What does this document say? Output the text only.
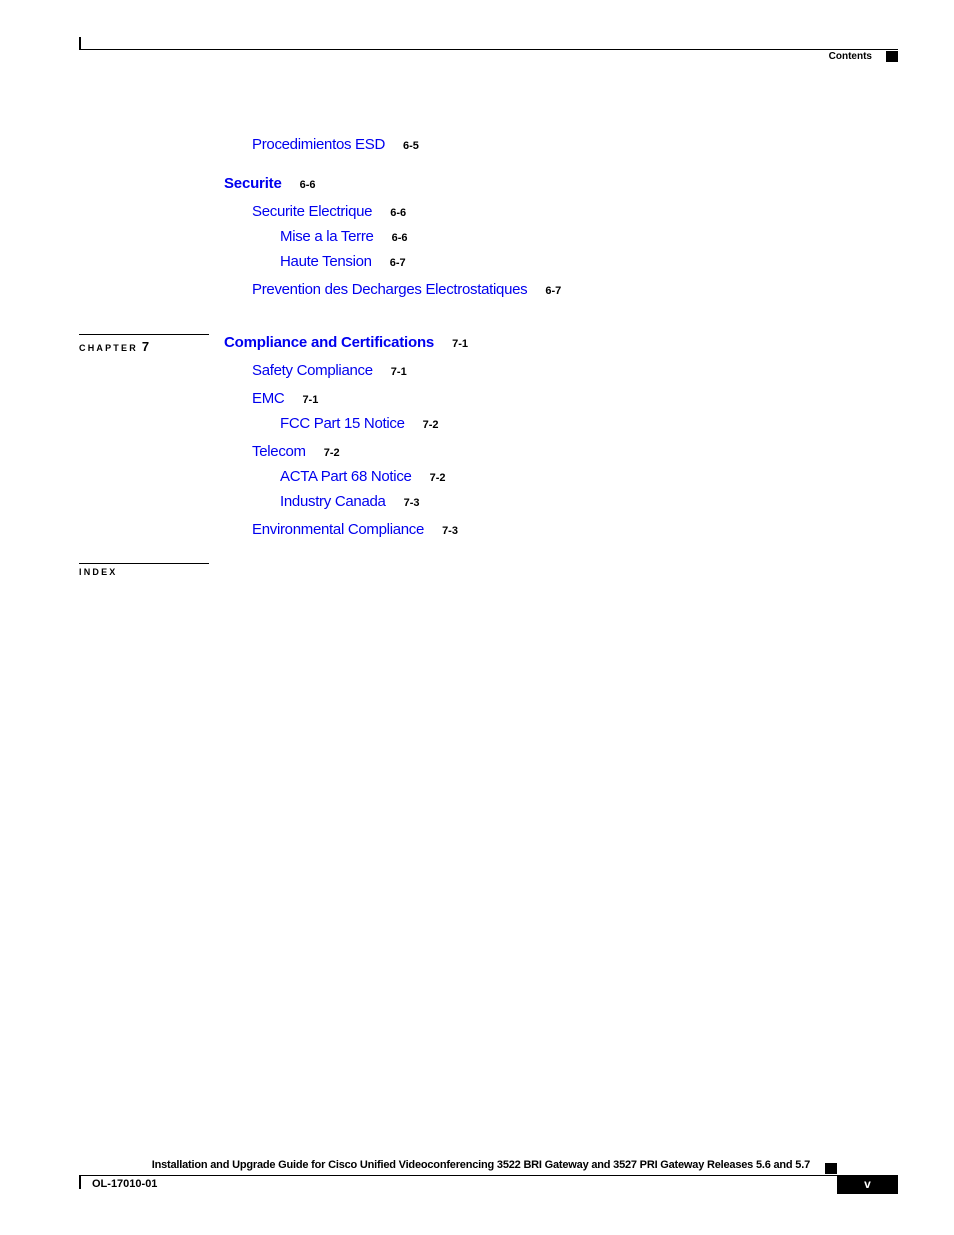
Contents
Procedimientos ESD 6-5
Securite 6-6
Securite Electrique 6-6
Mise a la Terre 6-6
Haute Tension 6-7
Prevention des Decharges Electrostatiques 6-7
CHAPTER 7	Compliance and Certifications 7-1
Safety Compliance 7-1
EMC 7-1
FCC Part 15 Notice 7-2
Telecom 7-2
ACTA Part 68 Notice 7-2
Industry Canada 7-3
Environmental Compliance 7-3
INDEX
Installation and Upgrade Guide for Cisco Unified Videoconferencing 3522 BRI Gateway and 3527 PRI Gateway Releases 5.6 and 5.7
OL-17010-01	v
